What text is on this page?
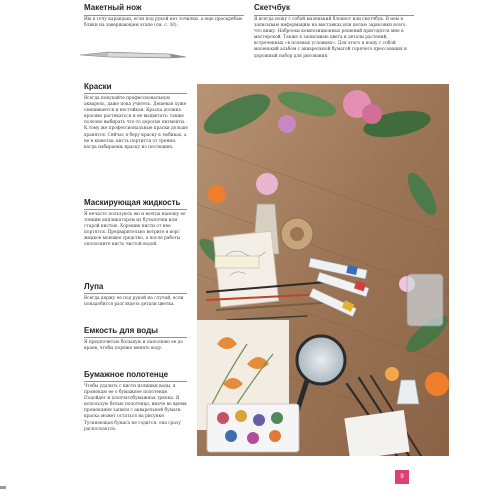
Макетный нож

Им я точу карандаш, если под рукой нет точилки, а еще проскребаю блики на завершающем этапе (см. с. 30).

Скетчбук

Я всегда ношу с собой маленький блокнот или скетчбук. В нем я записываю информацию на выставках или делаю зарисовки всего, что вижу. Наброски композиционных решений пригодятся мне в мастерской. Также я записываю цвета и детали растений, встреченных «в полевых условиях». Для этого я ношу с собой маленький альбом с акварельной бумагой горячего прессования и дорожный набор для рисования.

Краски

Всегда покупайте профессиональную акварель, даже пока учитесь. Дешевая хуже смешивается и нестойкая. Краска должна красиво растекаться и не выцветать: также полезно выбирать что-то дорогие пигменты. К тому же профессиональные краски дольше хранятся. Сейчас я беру краску в тюбиках, а не в кюветах: кисть портится от трения, когда набираешь краску из последних.

Маскирующая жидкость

Я нечасто пользуюсь ею и всегда наношу ее тонким аппликатором из бутылочки или старой кистью. Хорошие кисти от нее портятся. Предварительно вотрите в ворс жидкое моющее средство, а после работы ополосните кисть чистой водой.

Лупа

Всегда держу ее под рукой на случай, если понадобится разглядеть детали цветка.

Емкость для воды

Я предпочитаю большую и наполняю ее до краев, чтобы пореже менять воду.

Бумажное полотенце

Чтобы удалить с кисти излишки воды, я промокаю ее о бумажное полотенце. Подойдет и хлопчатобумажная тряпка. Я использую белые полотенца, иначе во время промокания записи с акварельной бумаги краска может остаться на рисунке. Тускнеющая бумага не годится: она сразу расползается.

9
